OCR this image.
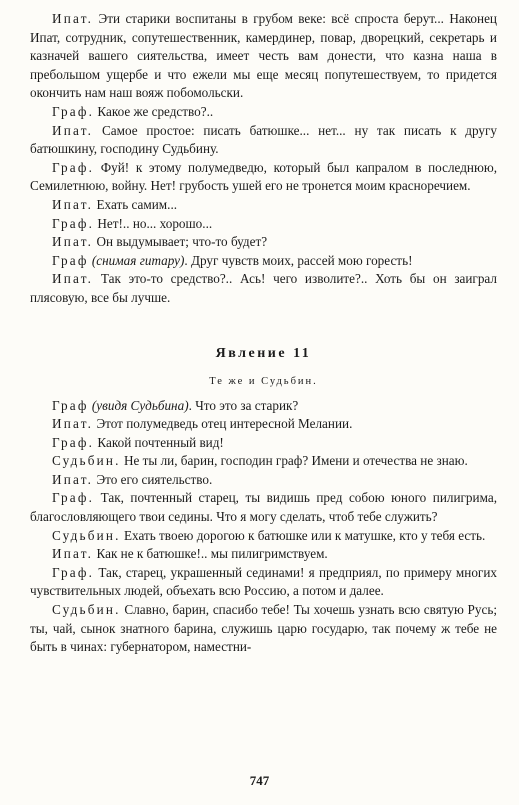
Ипат. Эти старики воспитаны в грубом веке: всё спроста берут... Наконец Ипат, сотрудник, сопутешественник, камердинер, повар, дворецкий, секретарь и казначей вашего сиятельства, имеет честь вам донести, что казна наша в пребольшом ущербе и что ежели мы еще месяц попутешествуем, то придется окончить нам наш вояж побомольски.

Граф. Какое же средство?..

Ипат. Самое простое: писать батюшке... нет... ну так писать к другу батюшкину, господину Судьбину.

Граф. Фуй! к этому полумедведю, который был капралом в последнюю, Семилетнюю, войну. Нет! грубость ушей его не тронется моим красноречием.

Ипат. Ехать самим...

Граф. Нет!.. но... хорошо...

Ипат. Он выдумывает; что-то будет?

Граф (снимая гитару). Друг чувств моих, рассей мою горесть!

Ипат. Так это-то средство?.. Ась! чего изволите?.. Хоть бы он заиграл плясовую, все бы лучше.

Явление 11
Те же и Судьбин.

Граф (увидя Судьбина). Что это за старик?

Ипат. Этот полумедведь отец интересной Мелании.

Граф. Какой почтенный вид!

Судьбин. Не ты ли, барин, господин граф? Имени и отечества не знаю.

Ипат. Это его сиятельство.

Граф. Так, почтенный старец, ты видишь пред собою юного пилигрима, благословляющего твои седины. Что я могу сделать, чтоб тебе служить?

Судьбин. Ехать твоею дорогою к батюшке или к матушке, кто у тебя есть.

Ипат. Как не к батюшке!.. мы пилигримствуем.

Граф. Так, старец, украшенный сединами! я предприял, по примеру многих чувствительных людей, объехать всю Россию, а потом и далее.

Судьбин. Славно, барин, спасибо тебе! Ты хочешь узнать всю святую Русь; ты, чай, сынок знатного барина, служишь царю государю, так почему ж тебе не быть в чинах: губернатором, наместни-

747
